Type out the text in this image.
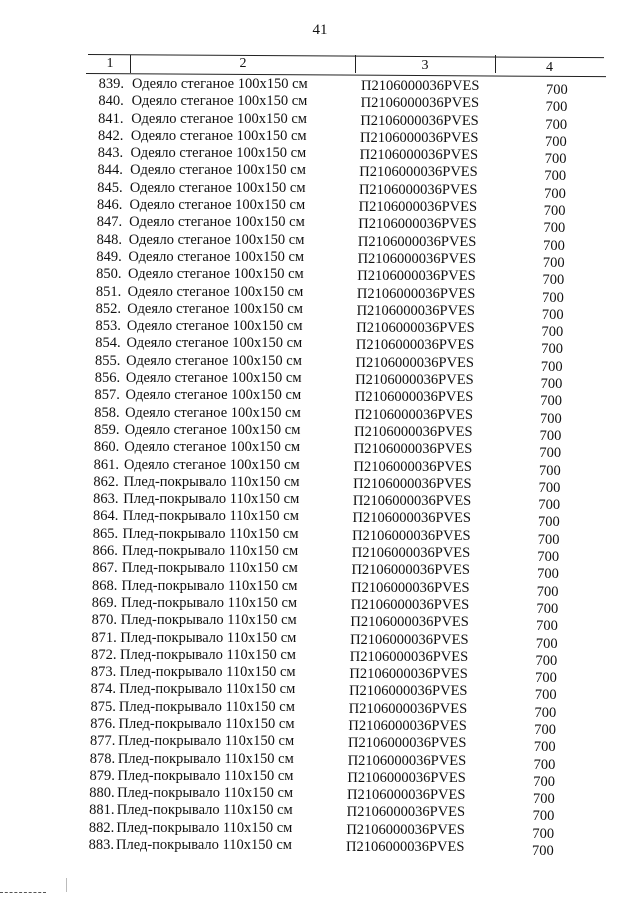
41
1	2	3	4
839. Одеяло стеганое 100x150 см	П2106000036PVES	700
840. Одеяло стеганое 100x150 см	П2106000036PVES	700
841. Одеяло стеганое 100x150 см	П2106000036PVES	700
842. Одеяло стеганое 100x150 см	П2106000036PVES	700
843. Одеяло стеганое 100x150 см	П2106000036PVES	700
844. Одеяло стеганое 100x150 см	П2106000036PVES	700
845. Одеяло стеганое 100x150 см	П2106000036PVES	700
846. Одеяло стеганое 100x150 см	П2106000036PVES	700
847. Одеяло стеганое 100x150 см	П2106000036PVES	700
848. Одеяло стеганое 100x150 см	П2106000036PVES	700
849. Одеяло стеганое 100x150 см	П2106000036PVES	700
850. Одеяло стеганое 100x150 см	П2106000036PVES	700
851. Одеяло стеганое 100x150 см	П2106000036PVES	700
852. Одеяло стеганое 100x150 см	П2106000036PVES	700
853. Одеяло стеганое 100x150 см	П2106000036PVES	700
854. Одеяло стеганое 100x150 см	П2106000036PVES	700
855. Одеяло стеганое 100x150 см	П2106000036PVES	700
856. Одеяло стеганое 100x150 см	П2106000036PVES	700
857. Одеяло стеганое 100x150 см	П2106000036PVES	700
858. Одеяло стеганое 100x150 см	П2106000036PVES	700
859. Одеяло стеганое 100x150 см	П2106000036PVES	700
860. Одеяло стеганое 100x150 см	П2106000036PVES	700
861. Одеяло стеганое 100x150 см	П2106000036PVES	700
862. Плед-покрывало 110x150 см	П2106000036PVES	700
863. Плед-покрывало 110x150 см	П2106000036PVES	700
864. Плед-покрывало 110x150 см	П2106000036PVES	700
865. Плед-покрывало 110x150 см	П2106000036PVES	700
866. Плед-покрывало 110x150 см	П2106000036PVES	700
867. Плед-покрывало 110x150 см	П2106000036PVES	700
868. Плед-покрывало 110x150 см	П2106000036PVES	700
869. Плед-покрывало 110x150 см	П2106000036PVES	700
870. Плед-покрывало 110x150 см	П2106000036PVES	700
871. Плед-покрывало 110x150 см	П2106000036PVES	700
872. Плед-покрывало 110x150 см	П2106000036PVES	700
873. Плед-покрывало 110x150 см	П2106000036PVES	700
874. Плед-покрывало 110x150 см	П2106000036PVES	700
875. Плед-покрывало 110x150 см	П2106000036PVES	700
876. Плед-покрывало 110x150 см	П2106000036PVES	700
877. Плед-покрывало 110x150 см	П2106000036PVES	700
878. Плед-покрывало 110x150 см	П2106000036PVES	700
879. Плед-покрывало 110x150 см	П2106000036PVES	700
880. Плед-покрывало 110x150 см	П2106000036PVES	700
881. Плед-покрывало 110x150 см	П2106000036PVES	700
882. Плед-покрывало 110x150 см	П2106000036PVES	700
883. Плед-покрывало 110x150 см	П2106000036PVES	700
